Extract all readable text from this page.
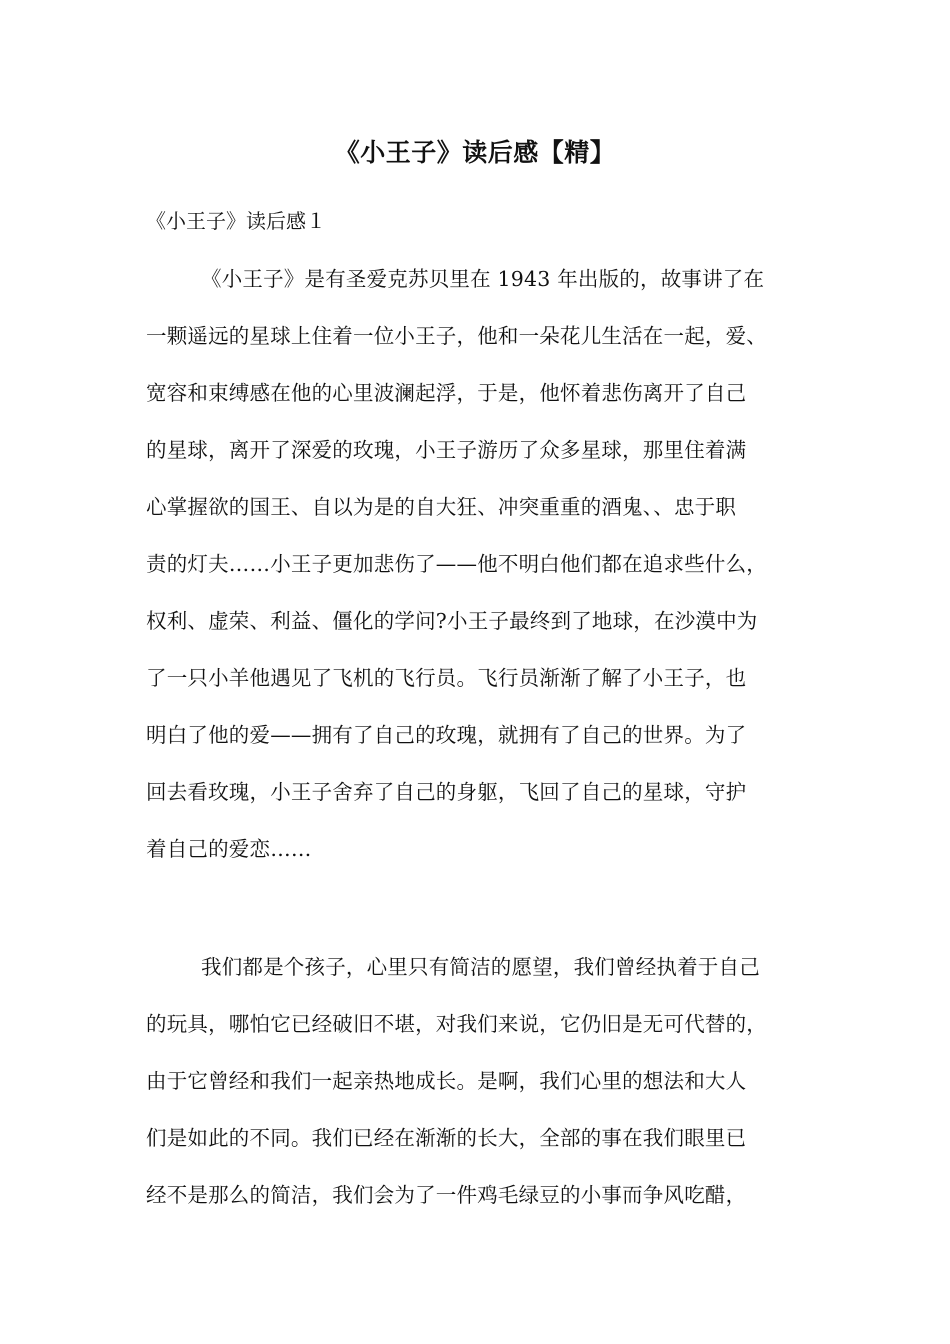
《小王子》读后感【精】
《小王子》读后感１
《小王子》是有圣爱克苏贝里在 1943 年出版的，故事讲了在
一颗遥远的星球上住着一位小王子，他和一朵花儿生活在一起，爱、
宽容和束缚感在他的心里波澜起浮，于是，他怀着悲伤离开了自己
的星球，离开了深爱的玫瑰，小王子游历了众多星球，那里住着满
心掌握欲的国王、自以为是的自大狂、冲突重重的酒鬼、、忠于职
责的灯夫……小王子更加悲伤了——他不明白他们都在追求些什么，
权利、虚荣、利益、僵化的学问?小王子最终到了地球，在沙漠中为
了一只小羊他遇见了飞机的飞行员。飞行员渐渐了解了小王子，也
明白了他的爱——拥有了自己的玫瑰，就拥有了自己的世界。为了
回去看玫瑰，小王子舍弃了自己的身躯，飞回了自己的星球，守护
着自己的爱恋……
我们都是个孩子，心里只有简洁的愿望，我们曾经执着于自己
的玩具，哪怕它已经破旧不堪，对我们来说，它仍旧是无可代替的，
由于它曾经和我们一起亲热地成长。是啊，我们心里的想法和大人
们是如此的不同。我们已经在渐渐的长大，全部的事在我们眼里已
经不是那么的简洁，我们会为了一件鸡毛绿豆的小事而争风吃醋，
